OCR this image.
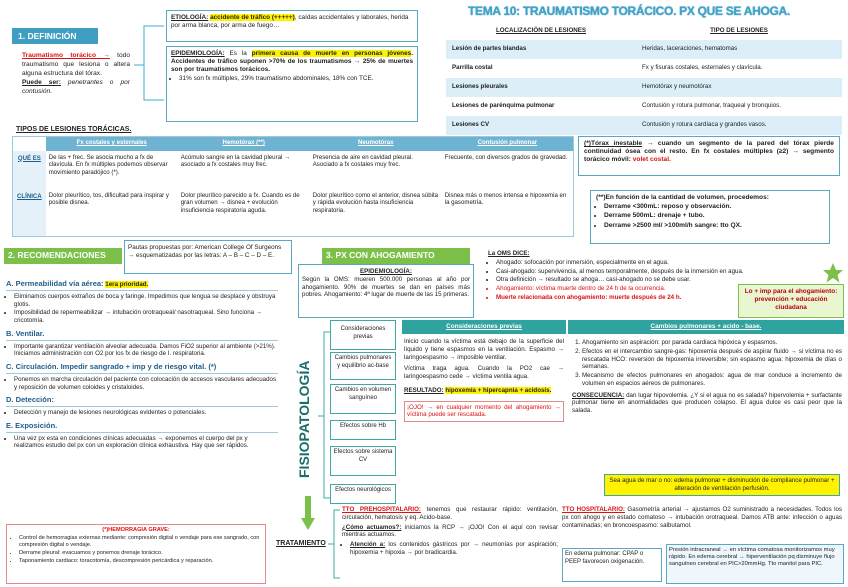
TEMA 10: TRAUMATISMO TORÁCICO. PX QUE SE AHOGA.
1. DEFINICIÓN
Traumatismo torácico → todo traumatismo que lesiona o altera alguna estructura del tórax.
Puede ser: penetrantes o por contusión.
ETIOLOGÍA: accidente de tráfico (+++++), caídas accidentales y laborales, herida por arma blanca, por arma de fuego…
EPIDEMIOLOGÍA: Es la primera causa de muerte en personas jóvenes. Accidentes de tráfico suponen >70% de los traumatismos → 25% de muertes son por traumatismos torácicos.
• 31% son fx múltiples, 29% traumatismo abdominales, 18% con TCE.
LOCALIZACIÓN DE LESIONES	TIPO DE LESIONES
Lesión de partes blandas	Heridas, laceraciones, hematomas
Parrilla costal	Fx y fisuras costales, esternales y clavícula.
Lesiones pleurales	Hemotórax y neumotórax
Lesiones de parénquima pulmonar	Contusión y rotura pulmonar, traqueal y bronquios.
Lesiones CV	Contusión y rotura cardíaca y grandes vasos.
TIPOS DE LESIONES TORÁCICAS.
	Fx costales y esternales	Hemotórax (**)	Neumotórax	Contusión pulmonar
QUÉ ES	De las + frec. Se asocia mucho a fx de clavícula. En fx múltiples podemos observar movimiento paradójico (*).	Acúmulo sangre en la cavidad pleural → asociado a fx costales muy frec.	Presencia de aire en cavidad pleural. Asociado a fx costales muy frec.	Frecuente, con diversos grados de gravedad.
CLÍNICA	Dolor pleurítico, tos, dificultad para inspirar y posible disnea.	Dolor pleurítico parecido a fx. Cuando es de gran volumen → disnea + evolución insuficiencia respiratoria aguda.	Dolor pleurítico como el anterior, disnea súbita y rápida evolución hasta insuficiencia respiratoria.	Disnea más o menos intensa e hipoxemia en la gasometría.
(*)Tórax inestable → cuando un segmento de la pared del tórax pierde continuidad ósea con el resto. En fx costales múltiples (≥2) → segmento torácico móvil: volet costal.
(**)En función de la cantidad de volumen, procedemos:
• Derrame <300mL: reposo y observación.
• Derrame 500mL: drenaje + tubo.
• Derrame >2500 ml/ >100ml/h sangre: tto QX.
2. RECOMENDACIONES
Pautas propuestas por: American College Of Surgeons → esquematizadas por las letras: A – B – C – D – E.
A. Permeabilidad vía aérea: 1era prioridad.
• Eliminamos cuerpos extraños de boca y faringe. Impedimos que lengua se desplace y obstruya glotis.
• Imposibilidad de repermeabilizar → intubación orotraqueal/ nasotraqueal. Sino funciona → cricotomía.
B. Ventilar.
• Importante garantizar ventilación alveolar adecuada. Damos FiO2 superior al ambiente (>21%). Iniciamos administración con O2 por los fx de riesgo de I. respiratoria.
C. Circulación. Impedir sangrado + imp y de riesgo vital. (*)
• Ponemos en marcha circulación del paciente con colocación de accesos vasculares adecuados y reposición de volumen coloides y cristaloides.
D. Detección:
• Detección y manejo de lesiones neurológicas evidentes o potenciales.
E. Exposición.
• Una vez px esta en condiciones clínicas adecuadas → exponemos el cuerpo del px y realizamos estudio del px con un exploración clínica exhaustiva. Hay que ser rápidos.
(*)HEMORRAGIA GRAVE:
• Control de hemorragias externas mediante: compresión digital o vendaje para ese sangrado, con compresión digital o vendaje.
• Derrame pleural: evacuamos y ponemos drenaje torácico.
• Taponamiento cardiaco: toracotomía, descompresión pericárdica y reparación.
3. PX CON AHOGAMIENTO
EPIDEMIOLOGÍA:
Según la OMS: mueren 500.000 personas al año por ahogamiento. 90% de muertes se dan en países más pobres. Ahogamiento: 4ª lugar de muerte de las 15 primeras.
La OMS DICE:
• Ahogado: sofocación por inmersión, especialmente en el agua.
• Casi-ahogado: supervivencia, al menos temporalmente, después de la inmersión en agua.
• Otra definición → resultado se ahoga… casi-ahogado no se debe usar.
• Ahogamiento: víctima muerte dentro de 24 h de la ocurrencia.
• Muerte relacionada con ahogamiento: muerte después de 24 h.
Lo + imp para el ahogamiento: prevención + educación ciudadana
FISIOPATOLOGÍA
Consideraciones previas
Cambios pulmonares y equilibrio ac-base
Cambios en volumen sanguíneo
Efectos sobre Hb
Efectos sobre sistema CV
Efectos neurológicos
Consideraciones previas	Cambios pulmonares + acido - base.
Inicio cuando la víctima está debajo de la superficie del líquido y tiene espasmos en la ventilación. Espasmo → laringoespasmo → imposible ventilar.
Víctima traga agua. Cuando la PO2 cae → laringoespasmo cede → víctima ventila agua.
RESULTADO: hipoxemia + hipercapnia + acidosis.
¡OJO! → en cualquier momento del ahogamiento → víctima puede ser rescatada.
1. Ahogamiento sin aspiración: por parada cardiaca hipóxica y espasmos.
2. Efectos en el intercambio sangre-gas: hipoxemia después de aspirar fluido → si víctima no es rescatada HCO: reversión de hipoxemia irreversible; sin espasmo agua: hipoxemia de días o semanas.
3. Mecanismo de efectos pulmonares en ahogados: agua de mar conduce a incremento de volumen en espacios aéreos de pulmonares.
CONSECUENCIA: dan lugar hipovolemia. ¿Y si el agua no es salada? hipervolemia + surfactante pulmonar tiene en anormalidades que producen colapso. El agua dulce es casi peor que la salada.
Sea agua de mar o no: edema pulmonar + disminución de compliance pulmonar + alteración de ventilación perfusión.
TRATAMIENTO
TTO PREHOSPITALARIO: tenemos que restaurar rápido: ventilación, circulación, hematosis y eq. Acido-base.
¿Cómo actuamos?: iniciamos la RCP → ¡OJO! Con el aquí con revisar mientras actuamos.
• Atención a: los contenidos gástricos por → neumonías por aspiración; hipoxemia + hipoxia → por bradicardia.
TTO HOSPITALARIO: Gasometría arterial → ajustamos O2 suministrado a necesidades. Todos los px con ahogo y en estado comatoso → intubación orotraqueal. Damos ATB ante: infección o aguas contaminadas; en broncoespasmo: salbutamol.
En edema pulmonar: CPAP o PEEP favorecen oxigenación.
Presión intracraneal → en víctima comatosa monitorizamos muy rápido. En edema cerebral → hiperventilación pq disminuye flujo sanguíneo cerebral en PIC>20mmHg. Tto manitol para PIC.
